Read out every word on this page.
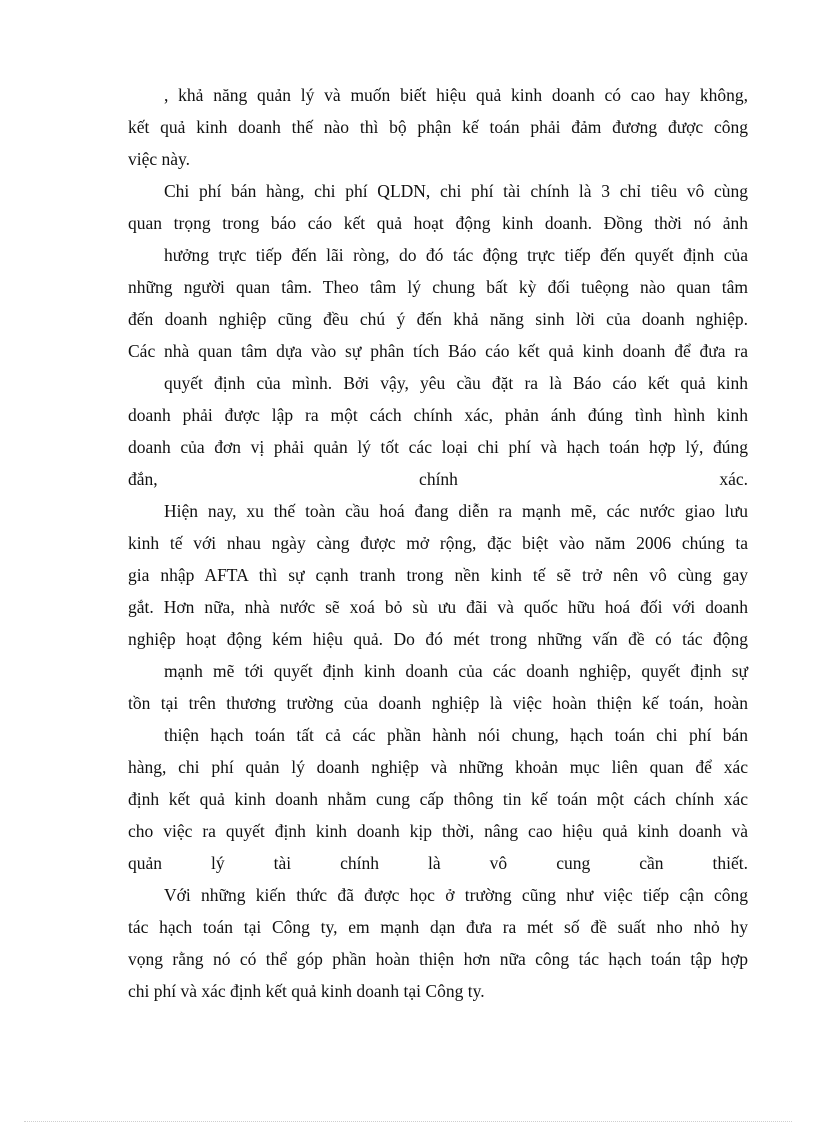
, khả năng quản lý và muốn biết hiệu quả kinh doanh có cao hay không,
kết quả kinh doanh thế nào thì bộ phận kế toán phải đảm đương được công
việc này.
Chi phí bán hàng, chi phí QLDN, chi phí tài chính là 3 chỉ tiêu vô cùng
quan trọng trong báo cáo kết quả hoạt động kinh doanh. Đồng thời nó ảnh
hưởng trực tiếp đến lãi ròng, do đó tác động trực tiếp đến quyết định của
những người quan tâm. Theo tâm lý chung bất kỳ đối tuêọng nào quan tâm
đến doanh nghiệp cũng đều chú ý đến khả năng sinh lời của doanh nghiệp.
Các nhà quan tâm dựa vào sự phân tích Báo cáo kết quả kinh doanh để đưa ra
quyết định của mình. Bởi vậy, yêu cầu đặt ra là Báo cáo kết quả kinh
doanh phải được lập ra một cách chính xác, phản ánh đúng tình hình kinh
doanh của đơn vị phải quản lý tốt các loại chi phí và hạch toán hợp lý, đúng
đắn, chính xác.
Hiện nay, xu thế toàn cầu hoá đang diễn ra mạnh mẽ, các nước giao lưu
kinh tế với nhau ngày càng được mở rộng, đặc biệt vào năm 2006 chúng ta
gia nhập AFTA thì sự cạnh tranh trong nền kinh tế sẽ trở nên vô cùng gay
gắt. Hơn nữa, nhà nước sẽ xoá bỏ sù ưu đãi và quốc hữu hoá đối với doanh
nghiệp hoạt động kém hiệu quả. Do đó mét trong những vấn đề có tác động
mạnh mẽ tới quyết định kinh doanh của các doanh nghiệp, quyết định sự
tồn tại trên thương trường của doanh nghiệp là việc hoàn thiện kế toán, hoàn
thiện hạch toán tất cả các phần hành nói chung, hạch toán chi phí bán
hàng, chi phí quản lý doanh nghiệp và những khoản mục liên quan để xác
định kết quả kinh doanh nhằm cung cấp thông tin kế toán một cách chính xác
cho việc ra quyết định kinh doanh kịp thời, nâng cao hiệu quả kinh doanh và
quản lý tài chính là vô cung cần thiết.
Với những kiến thức đã được học ở trường cũng như việc tiếp cận công
tác hạch toán tại Công ty, em mạnh dạn đưa ra mét số đề suất nho nhỏ hy
vọng rằng nó có thể góp phần hoàn thiện hơn nữa công tác hạch toán tập hợp
chi phí và xác định kết quả kinh doanh tại Công ty.
